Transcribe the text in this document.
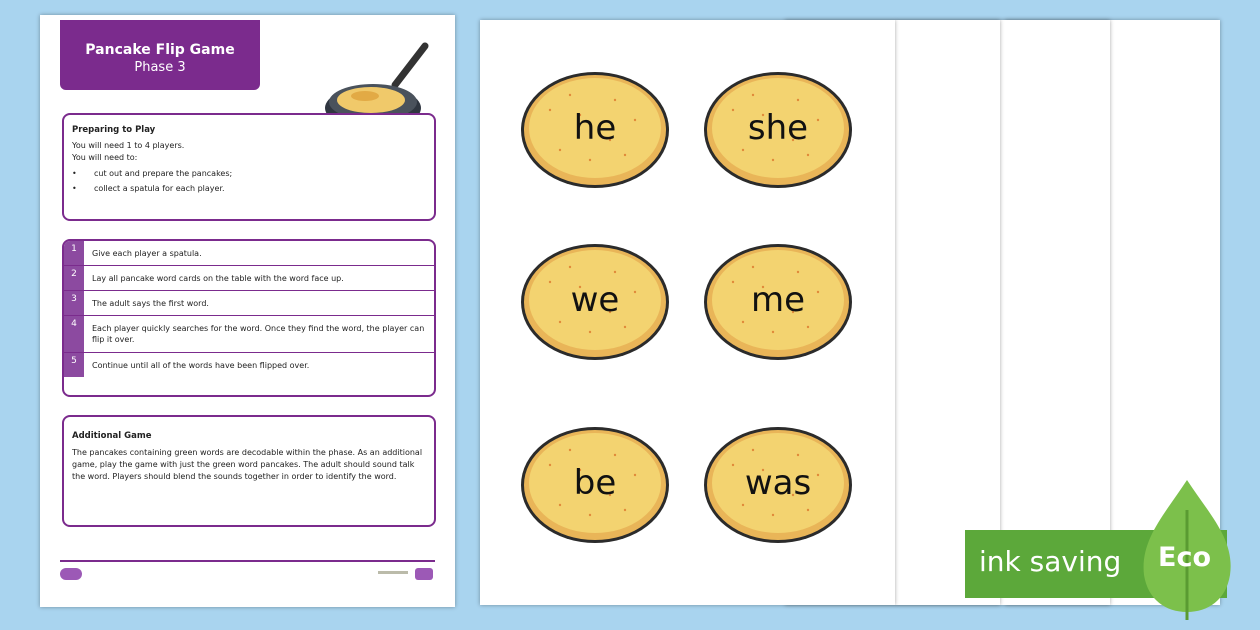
Pancake Flip Game
Phase 3
Preparing to Play
You will need 1 to 4 players.
You will need to:
• cut out and prepare the pancakes;
• collect a spatula for each player.
1	Give each player a spatula.
2	Lay all pancake word cards on the table with the word face up.
3	The adult says the first word.
4	Each player quickly searches for the word. Once they find the word, the player can flip it over.
5	Continue until all of the words have been flipped over.
Additional Game
The pancakes containing green words are decodable within the phase. As an additional game, play the game with just the green word pancakes. The adult should sound talk the word. Players should blend the sounds together in order to identify the word.
he	she
we	me
be	was
ink saving Eco
